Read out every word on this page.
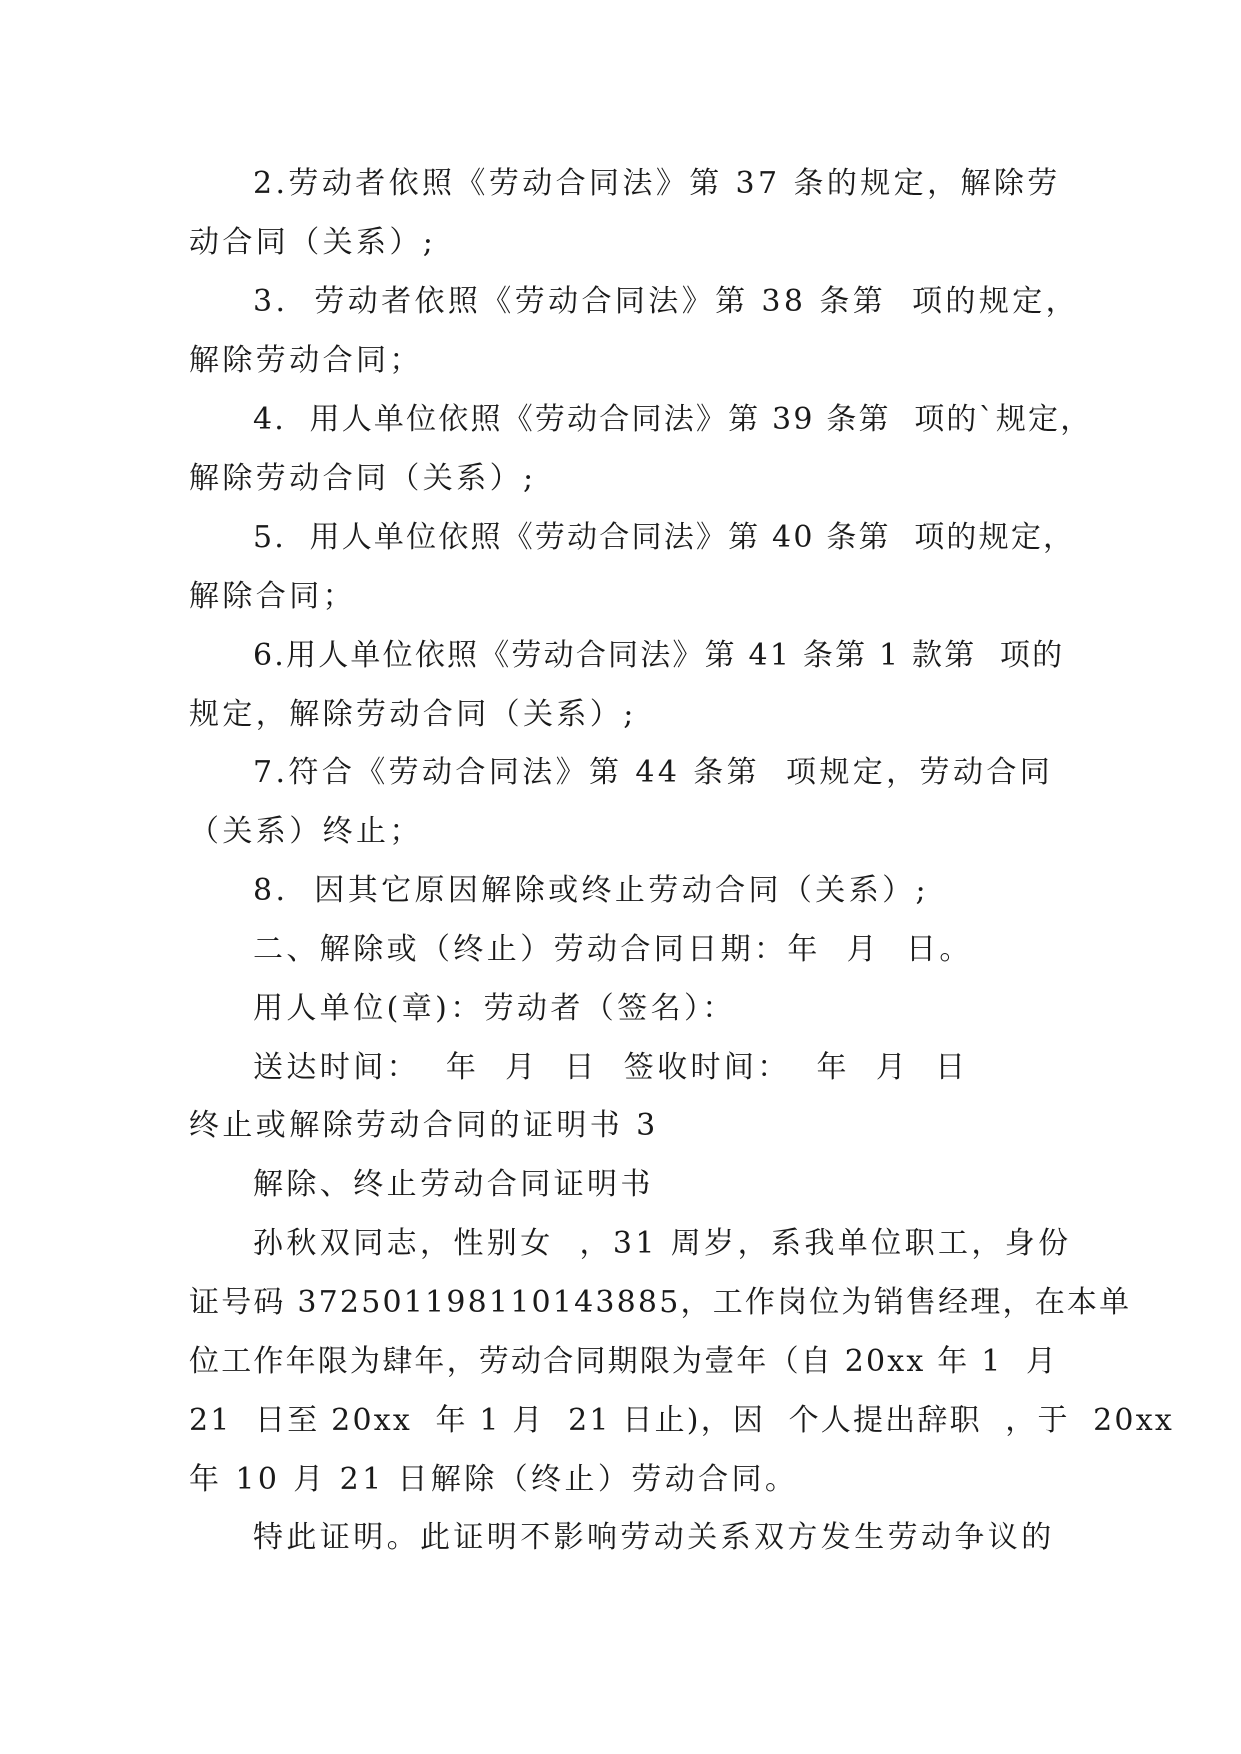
2.劳动者依照《劳动合同法》第 37 条的规定，解除劳
动合同（关系）;
3.  劳动者依照《劳动合同法》第 38 条第  项的规定，
解除劳动合同；
4.  用人单位依照《劳动合同法》第 39 条第  项的`规定，
解除劳动合同（关系）;
5.  用人单位依照《劳动合同法》第 40 条第  项的规定，
解除合同；
6.用人单位依照《劳动合同法》第 41 条第 1 款第  项的
规定，解除劳动合同（关系）;
7.符合《劳动合同法》第 44 条第  项规定，劳动合同
（关系）终止；
8.  因其它原因解除或终止劳动合同（关系）;
二、解除或（终止）劳动合同日期：年  月  日。
用人单位(章)：劳动者（签名）：
送达时间：  年  月  日  签收时间：  年  月  日
终止或解除劳动合同的证明书 3
解除、终止劳动合同证明书
孙秋双同志，性别女  ，31 周岁，系我单位职工，身份
证号码 372501198110143885，工作岗位为销售经理，在本单
位工作年限为肆年，劳动合同期限为壹年（自 20xx 年 1  月
21  日至 20xx  年 1 月  21 日止)，因  个人提出辞职  ，于  20xx
年 10 月 21 日解除（终止）劳动合同。
特此证明。此证明不影响劳动关系双方发生劳动争议的
